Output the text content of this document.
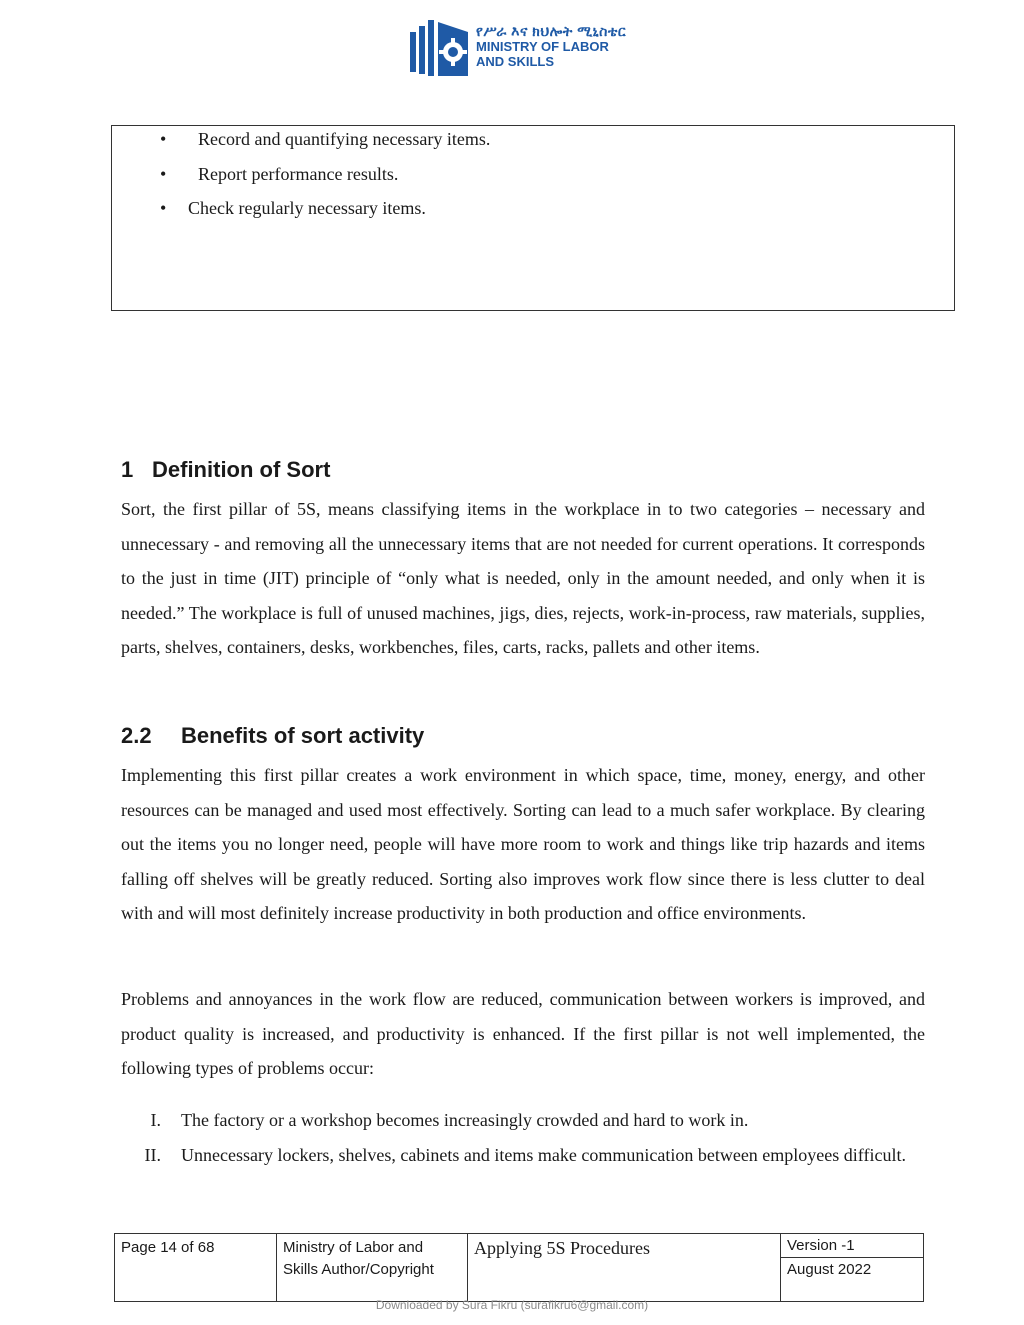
የሥራ እና ክህሎት ሚኒስቴር
MINISTRY OF LABOR
AND SKILLS
• Record and quantifying necessary items.
• Report performance results.
• Check regularly necessary items.
1 Definition of Sort

Sort, the first pillar of 5S, means classifying items in the workplace in to two categories – necessary and unnecessary - and removing all the unnecessary items that are not needed for current operations. It corresponds to the just in time (JIT) principle of “only what is needed, only in the amount needed, and only when it is needed.” The workplace is full of unused machines, jigs, dies, rejects, work-in-process, raw materials, supplies, parts, shelves, containers, desks, workbenches, files, carts, racks, pallets and other items.

2.2 Benefits of sort activity

Implementing this first pillar creates a work environment in which space, time, money, energy, and other resources can be managed and used most effectively. Sorting can lead to a much safer workplace. By clearing out the items you no longer need, people will have more room to work and things like trip hazards and items falling off shelves will be greatly reduced. Sorting also improves work flow since there is less clutter to deal with and will most definitely increase productivity in both production and office environments.

Problems and annoyances in the work flow are reduced, communication between workers is improved, and product quality is increased, and productivity is enhanced. If the first pillar is not well implemented, the following types of problems occur:

I. The factory or a workshop becomes increasingly crowded and hard to work in.
II. Unnecessary lockers, shelves, cabinets and items make communication between employees difficult.
Page 14 of 68	Ministry of Labor and Skills Author/Copyright
Applying 5S Procedures	Version -1
August 2022
Downloaded by Sura Fikru (surafikru6@gmail.com)
